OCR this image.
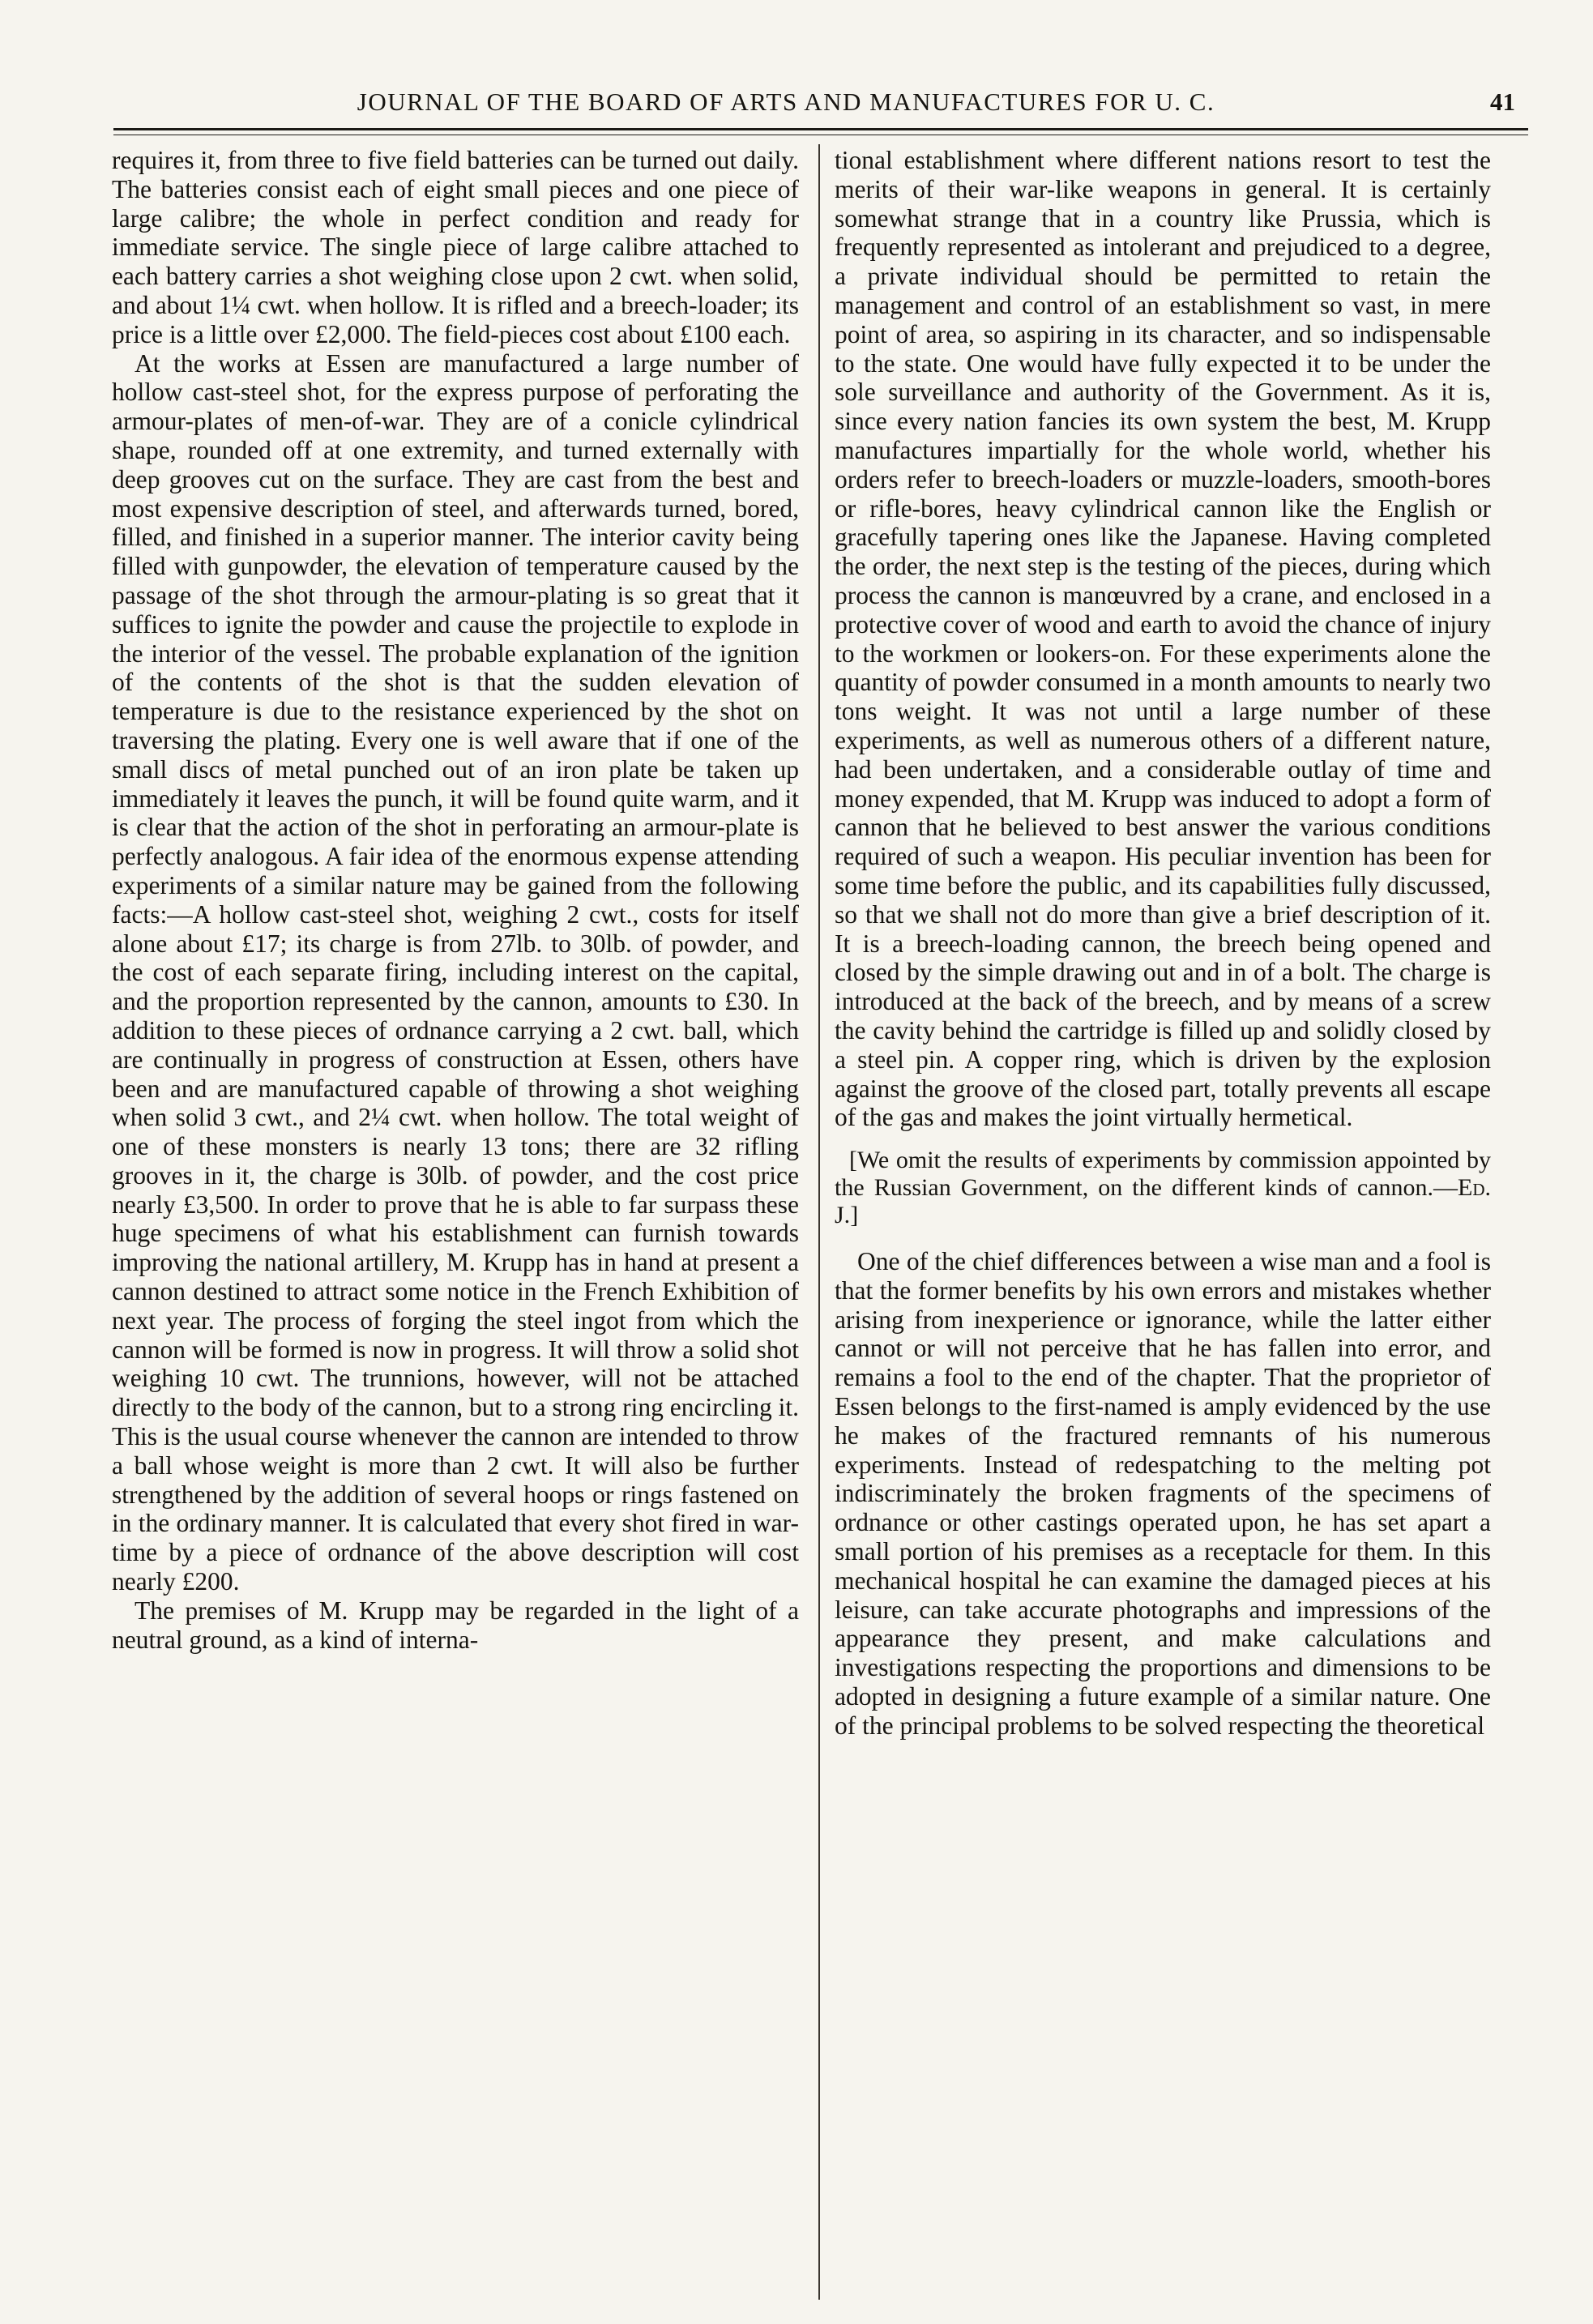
JOURNAL OF THE BOARD OF ARTS AND MANUFACTURES FOR U. C.	41

requires it, from three to five field batteries can be turned out daily. The batteries consist each of eight small pieces and one piece of large calibre; the whole in perfect condition and ready for immediate service. The single piece of large calibre attached to each battery carries a shot weighing close upon 2 cwt. when solid, and about 1¼ cwt. when hollow. It is rifled and a breech-loader; its price is a little over £2,000. The field-pieces cost about £100 each.

At the works at Essen are manufactured a large number of hollow cast-steel shot, for the express purpose of perforating the armour-plates of men-of-war. They are of a conicle cylindrical shape, rounded off at one extremity, and turned externally with deep grooves cut on the surface. They are cast from the best and most expensive description of steel, and afterwards turned, bored, filled, and finished in a superior manner. The interior cavity being filled with gunpowder, the elevation of temperature caused by the passage of the shot through the armour-plating is so great that it suffices to ignite the powder and cause the projectile to explode in the interior of the vessel. The probable explanation of the ignition of the contents of the shot is that the sudden elevation of temperature is due to the resistance experienced by the shot on traversing the plating. Every one is well aware that if one of the small discs of metal punched out of an iron plate be taken up immediately it leaves the punch, it will be found quite warm, and it is clear that the action of the shot in perforating an armour-plate is perfectly analogous. A fair idea of the enormous expense attending experiments of a similar nature may be gained from the following facts:—A hollow cast-steel shot, weighing 2 cwt., costs for itself alone about £17; its charge is from 27lb. to 30lb. of powder, and the cost of each separate firing, including interest on the capital, and the proportion represented by the cannon, amounts to £30. In addition to these pieces of ordnance carrying a 2 cwt. ball, which are continually in progress of construction at Essen, others have been and are manufactured capable of throwing a shot weighing when solid 3 cwt., and 2¼ cwt. when hollow. The total weight of one of these monsters is nearly 13 tons; there are 32 rifling grooves in it, the charge is 30lb. of powder, and the cost price nearly £3,500. In order to prove that he is able to far surpass these huge specimens of what his establishment can furnish towards improving the national artillery, M. Krupp has in hand at present a cannon destined to attract some notice in the French Exhibition of next year. The process of forging the steel ingot from which the cannon will be formed is now in progress. It will throw a solid shot weighing 10 cwt. The trunnions, however, will not be attached directly to the body of the cannon, but to a strong ring encircling it. This is the usual course whenever the cannon are intended to throw a ball whose weight is more than 2 cwt. It will also be further strengthened by the addition of several hoops or rings fastened on in the ordinary manner. It is calculated that every shot fired in war-time by a piece of ordnance of the above description will cost nearly £200.

The premises of M. Krupp may be regarded in the light of a neutral ground, as a kind of interna-

tional establishment where different nations resort to test the merits of their war-like weapons in general. It is certainly somewhat strange that in a country like Prussia, which is frequently represented as intolerant and prejudiced to a degree, a private individual should be permitted to retain the management and control of an establishment so vast, in mere point of area, so aspiring in its character, and so indispensable to the state. One would have fully expected it to be under the sole surveillance and authority of the Government. As it is, since every nation fancies its own system the best, M. Krupp manufactures impartially for the whole world, whether his orders refer to breech-loaders or muzzle-loaders, smooth-bores or rifle-bores, heavy cylindrical cannon like the English or gracefully tapering ones like the Japanese. Having completed the order, the next step is the testing of the pieces, during which process the cannon is manœuvred by a crane, and enclosed in a protective cover of wood and earth to avoid the chance of injury to the workmen or lookers-on. For these experiments alone the quantity of powder consumed in a month amounts to nearly two tons weight. It was not until a large number of these experiments, as well as numerous others of a different nature, had been undertaken, and a considerable outlay of time and money expended, that M. Krupp was induced to adopt a form of cannon that he believed to best answer the various conditions required of such a weapon. His peculiar invention has been for some time before the public, and its capabilities fully discussed, so that we shall not do more than give a brief description of it. It is a breech-loading cannon, the breech being opened and closed by the simple drawing out and in of a bolt. The charge is introduced at the back of the breech, and by means of a screw the cavity behind the cartridge is filled up and solidly closed by a steel pin. A copper ring, which is driven by the explosion against the groove of the closed part, totally prevents all escape of the gas and makes the joint virtually hermetical.

[We omit the results of experiments by commission appointed by the Russian Government, on the different kinds of cannon.—Ed. J.]

One of the chief differences between a wise man and a fool is that the former benefits by his own errors and mistakes whether arising from inexperience or ignorance, while the latter either cannot or will not perceive that he has fallen into error, and remains a fool to the end of the chapter. That the proprietor of Essen belongs to the first-named is amply evidenced by the use he makes of the fractured remnants of his numerous experiments. Instead of redespatching to the melting pot indiscriminately the broken fragments of the specimens of ordnance or other castings operated upon, he has set apart a small portion of his premises as a receptacle for them. In this mechanical hospital he can examine the damaged pieces at his leisure, can take accurate photographs and impressions of the appearance they present, and make calculations and investigations respecting the proportions and dimensions to be adopted in designing a future example of a similar nature. One of the principal problems to be solved respecting the theoretical
